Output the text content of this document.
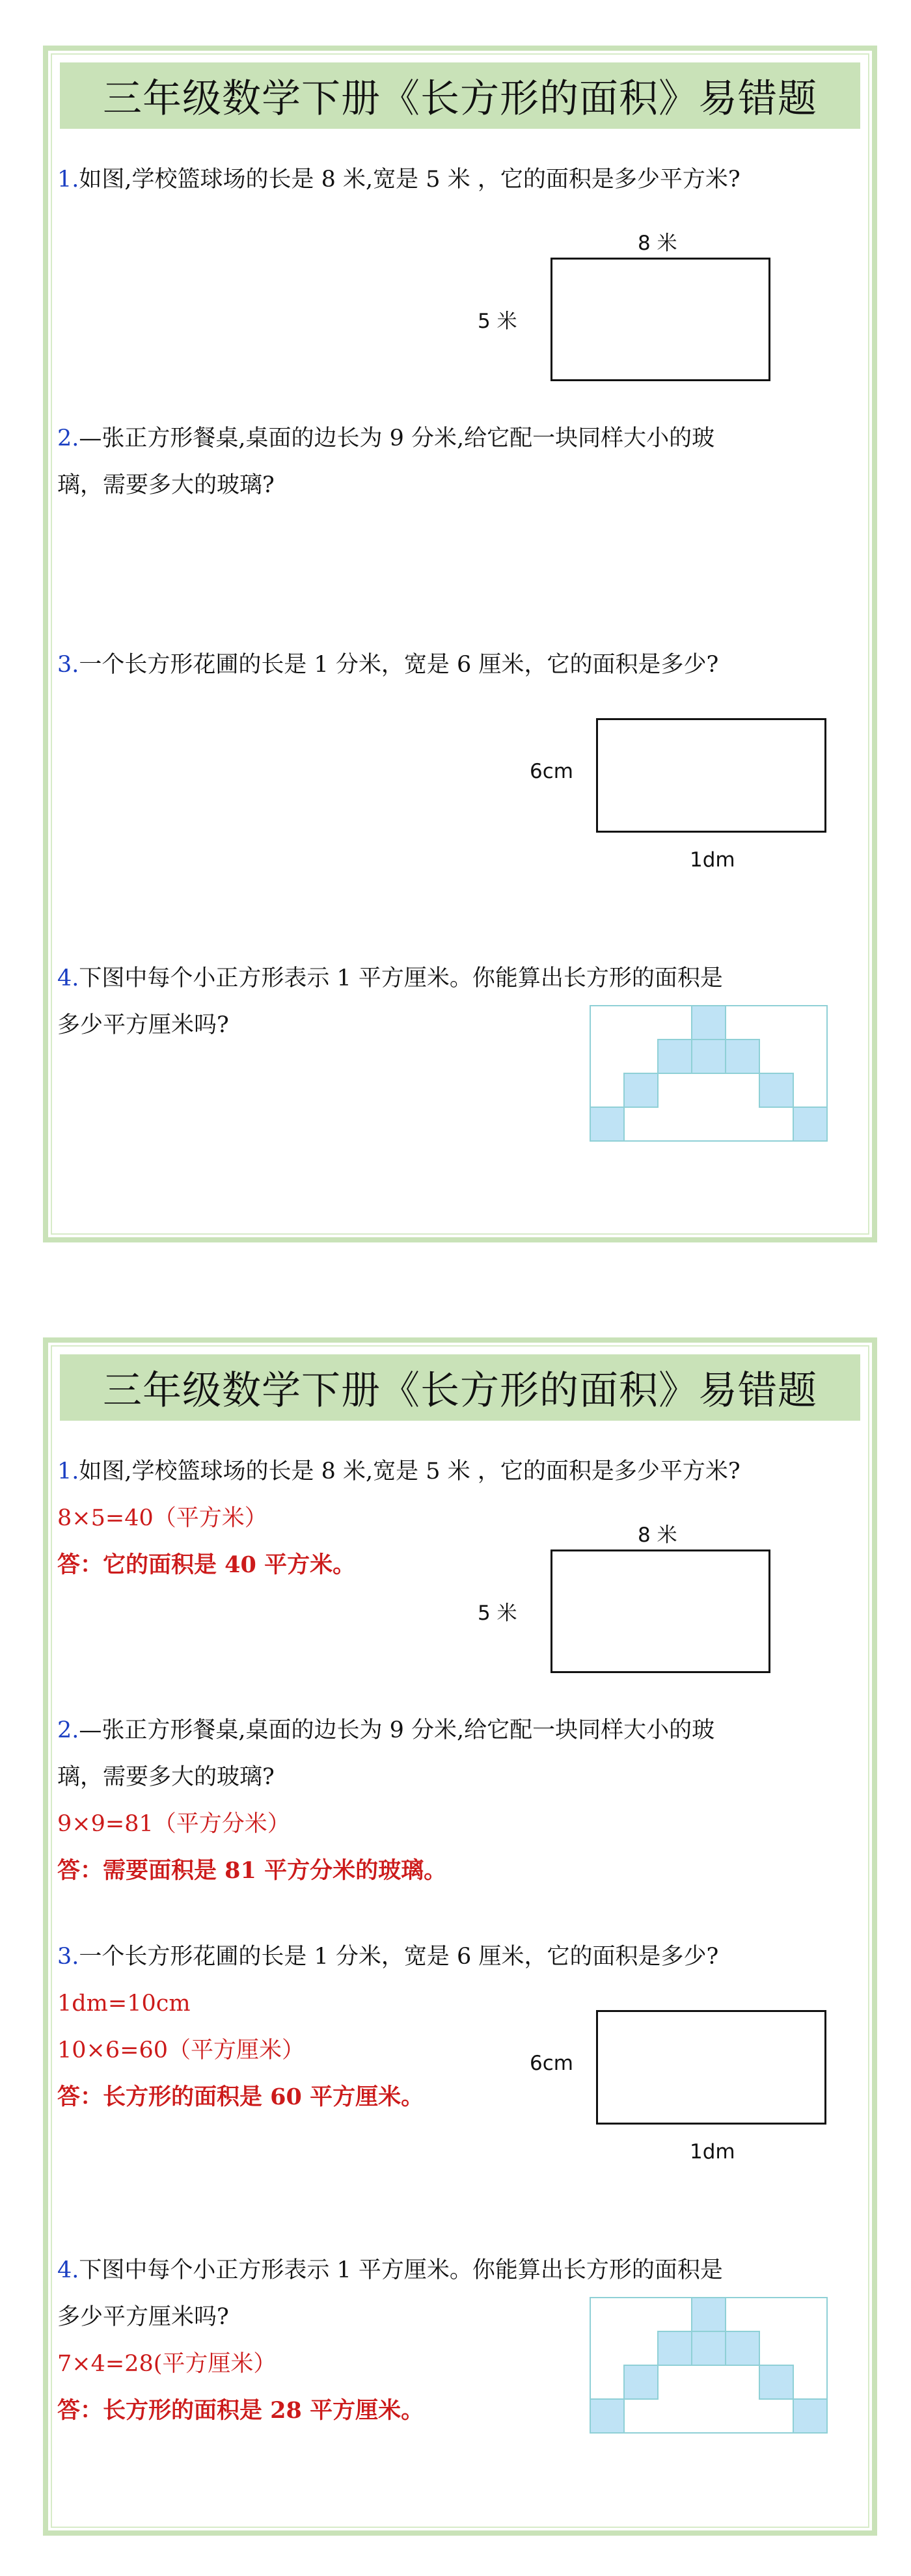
三年级数学下册《长方形的面积》易错题
1.如图,学校篮球场的长是 8 米,宽是 5 米 ，它的面积是多少平方米?
8 米
5 米
2.—张正方形餐桌,桌面的边长为 9 分米,给它配一块同样大小的玻
璃，需要多大的玻璃?
3.一个长方形花圃的长是 1 分米，宽是 6 厘米，它的面积是多少?
6cm
1dm
4.下图中每个小正方形表示 1 平方厘米。你能算出长方形的面积是
多少平方厘米吗?
三年级数学下册《长方形的面积》易错题
1.如图,学校篮球场的长是 8 米,宽是 5 米 ，它的面积是多少平方米?
8×5=40（平方米）
答：它的面积是 40 平方米。
8 米
5 米
2.—张正方形餐桌,桌面的边长为 9 分米,给它配一块同样大小的玻
璃，需要多大的玻璃?
9×9=81（平方分米）
答：需要面积是 81 平方分米的玻璃。
3.一个长方形花圃的长是 1 分米，宽是 6 厘米，它的面积是多少?
1dm=10cm
10×6=60（平方厘米）
答：长方形的面积是 60 平方厘米。
6cm
1dm
4.下图中每个小正方形表示 1 平方厘米。你能算出长方形的面积是
多少平方厘米吗?
7×4=28(平方厘米）
答：长方形的面积是 28 平方厘米。
